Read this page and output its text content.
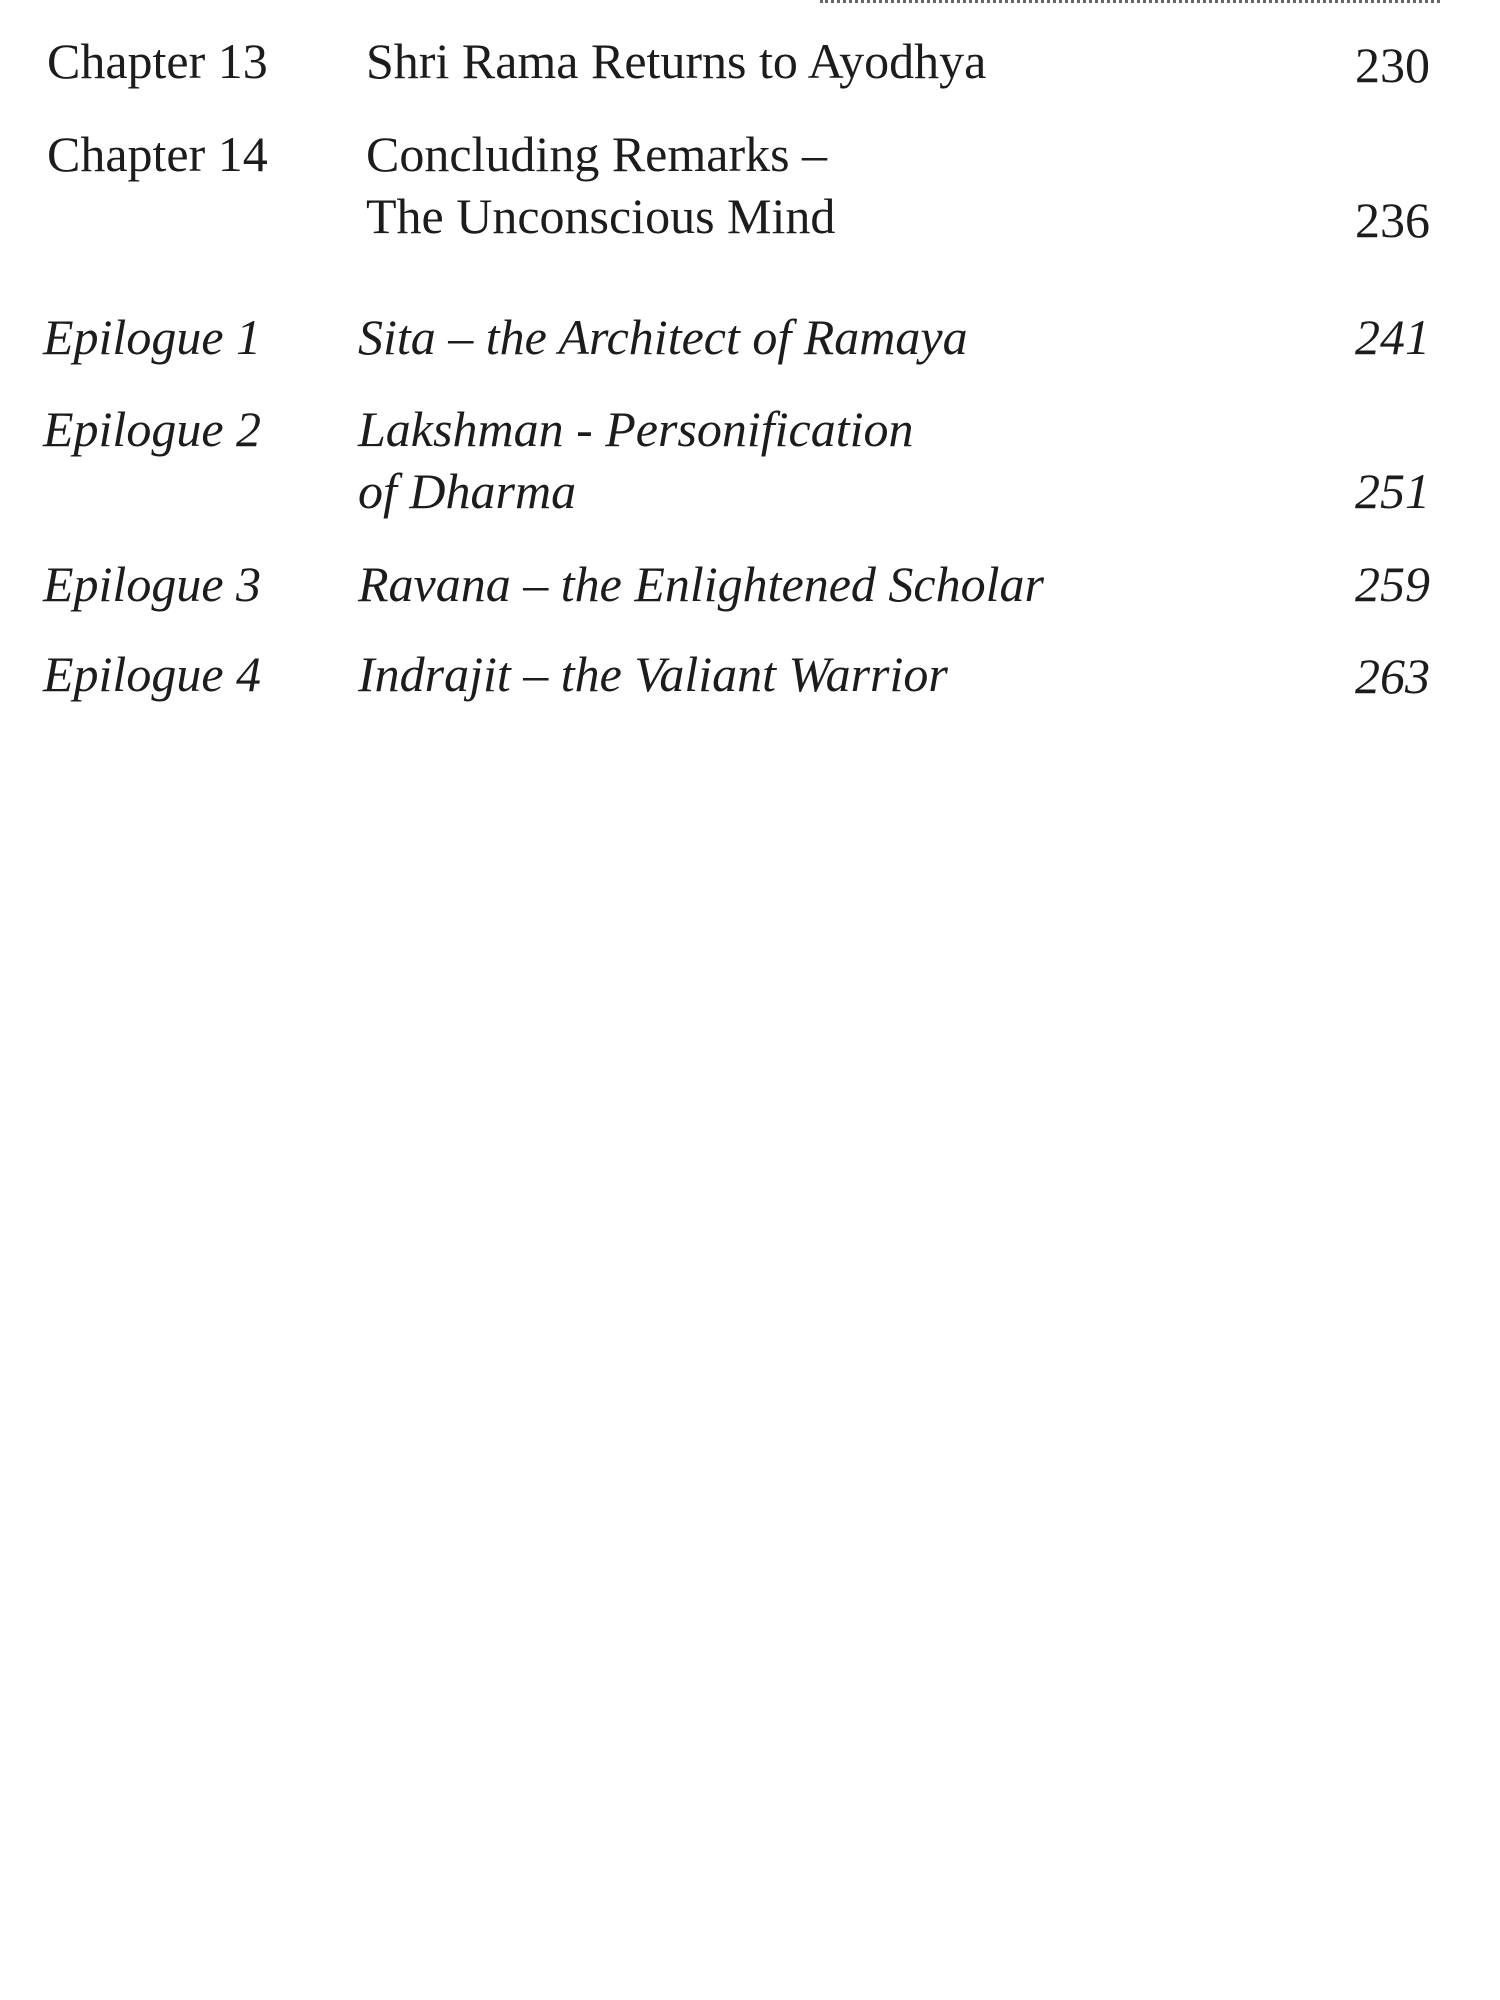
Chapter 13 Shri Rama Returns to Ayodhya	230
Chapter 14 Concluding Remarks –
The Unconscious Mind	236
Epilogue 1 Sita – the Architect of Ramaya	241
Epilogue 2 Lakshman - Personification
of Dharma	251
Epilogue 3 Ravana – the Enlightened Scholar	259
Epilogue 4 Indrajit – the Valiant Warrior	263
